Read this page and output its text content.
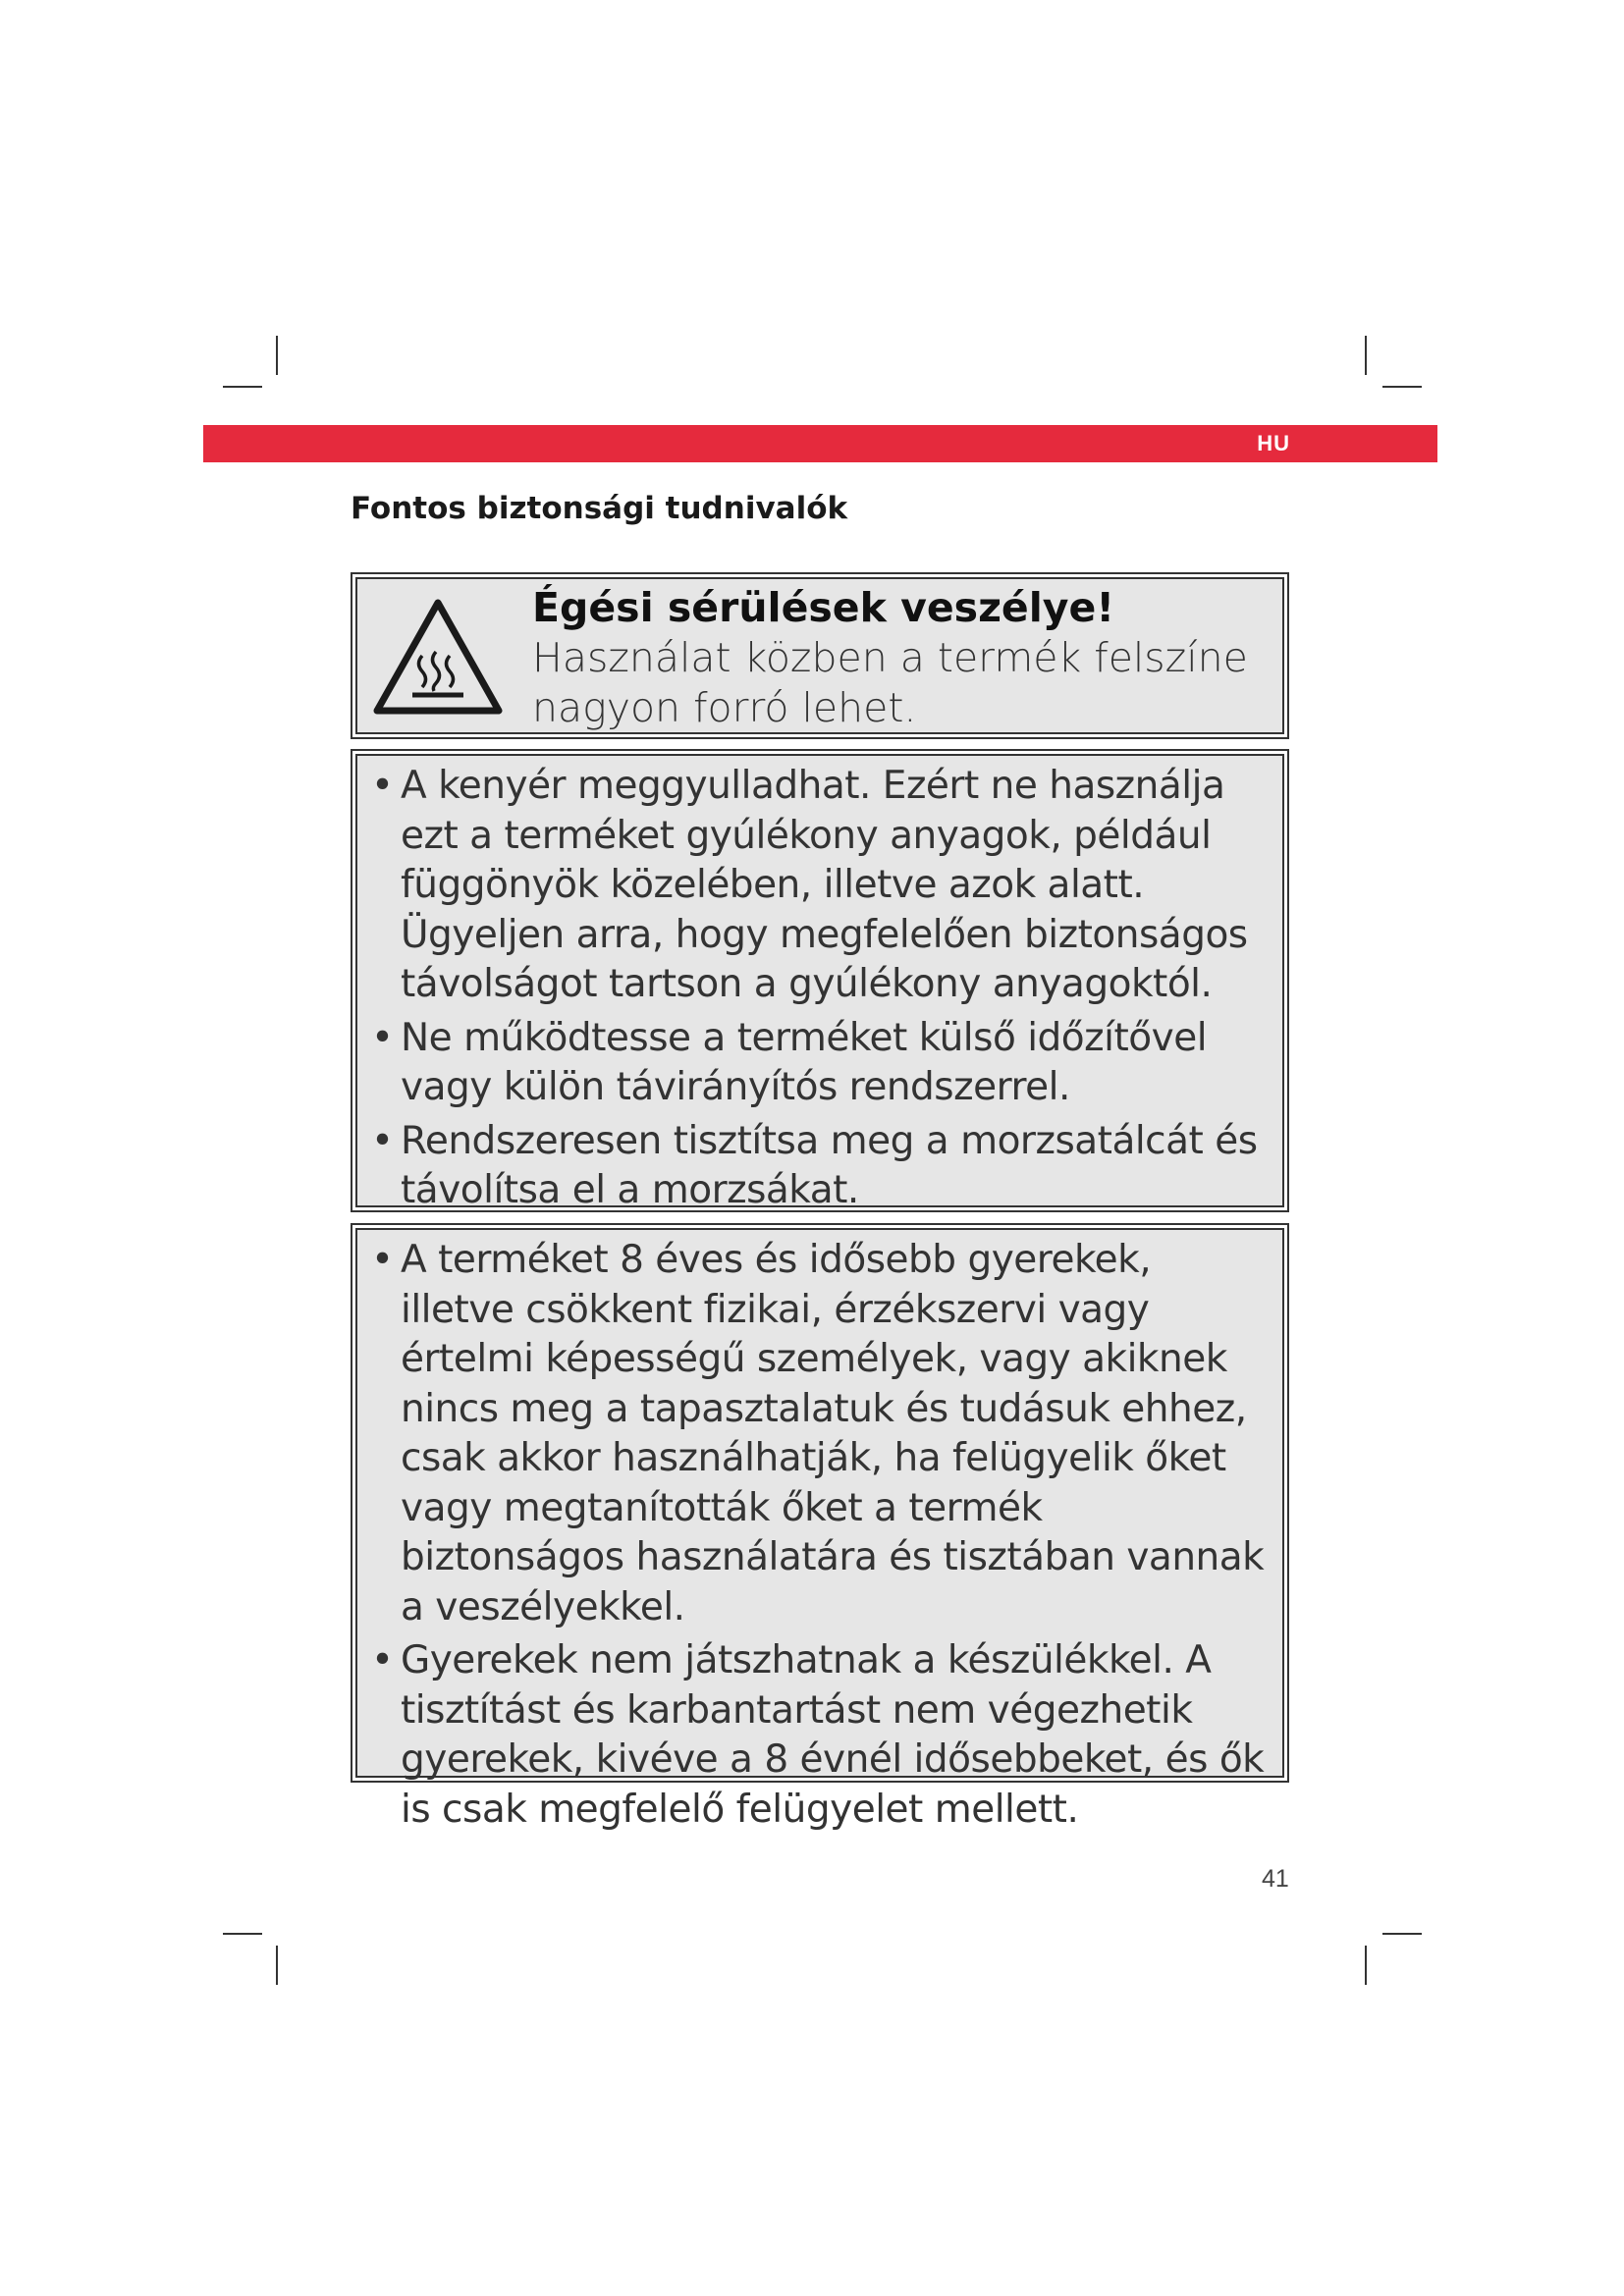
HU
Fontos biztonsági tudnivalók
Égési sérülések veszélye! Használat közben a termék felszíne nagyon forró lehet.
• A kenyér meggyulladhat. Ezért ne használja ezt a terméket gyúlékony anyagok, például függönyök közelében, illetve azok alatt. Ügyeljen arra, hogy megfelelően biztonságos távolságot tartson a gyúlékony anyagoktól.
• Ne működtesse a terméket külső időzítővel vagy külön távirányítós rendszerrel.
• Rendszeresen tisztítsa meg a morzsatálcát és távolítsa el a morzsákat.
• A terméket 8 éves és idősebb gyerekek, illetve csökkent fizikai, érzékszervi vagy értelmi képességű személyek, vagy akiknek nincs meg a tapasztalatuk és tudásuk ehhez, csak akkor használhatják, ha felügyelik őket vagy megtanították őket a termék biztonságos használatára és tisztában vannak a veszélyekkel.
• Gyerekek nem játszhatnak a készülékkel. A tisztítást és karbantartást nem végezhetik gyerekek, kivéve a 8 évnél idősebbeket, és ők is csak megfelelő felügyelet mellett.
41
